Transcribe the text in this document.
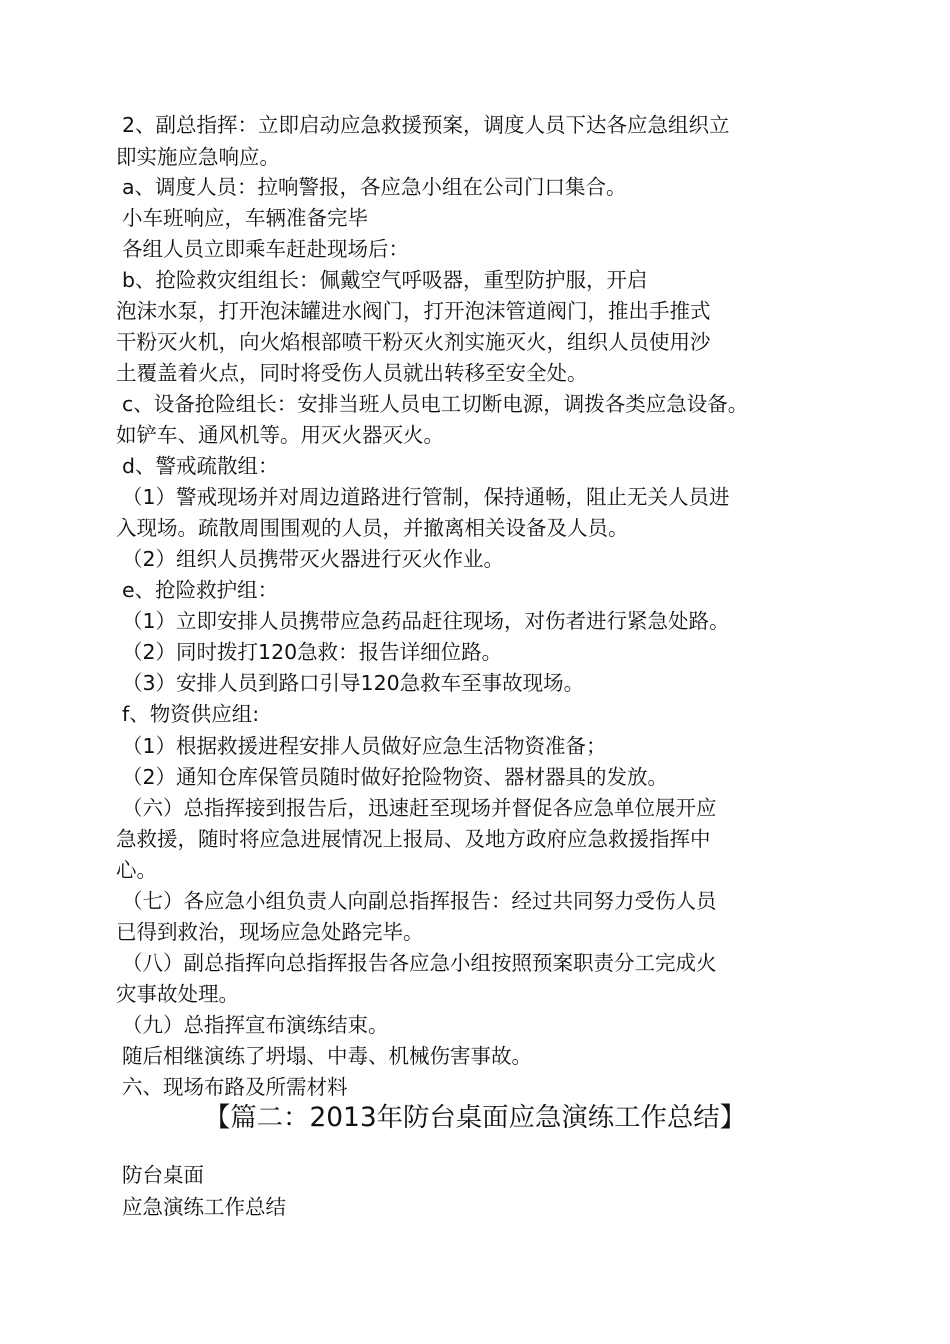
2、副总指挥：立即启动应急救援预案，调度人员下达各应急组织立
即实施应急响应。
a、调度人员：拉响警报，各应急小组在公司门口集合。
小车班响应，车辆准备完毕
各组人员立即乘车赶赴现场后：
b、抢险救灾组组长：佩戴空气呼吸器，重型防护服，开启
泡沫水泵，打开泡沫罐进水阀门，打开泡沫管道阀门，推出手推式
干粉灭火机，向火焰根部喷干粉灭火剂实施灭火，组织人员使用沙
土覆盖着火点，同时将受伤人员就出转移至安全处。
c、设备抢险组长：安排当班人员电工切断电源，调拨各类应急设备。
如铲车、通风机等。用灭火器灭火。
d、警戒疏散组：
（1）警戒现场并对周边道路进行管制，保持通畅，阻止无关人员进
入现场。疏散周围围观的人员，并撤离相关设备及人员。
（2）组织人员携带灭火器进行灭火作业。
e、抢险救护组：
（1）立即安排人员携带应急药品赶往现场，对伤者进行紧急处路。
（2）同时拨打120急救：报告详细位路。
（3）安排人员到路口引导120急救车至事故现场。
f、物资供应组:
（1）根据救援进程安排人员做好应急生活物资准备；
（2）通知仓库保管员随时做好抢险物资、器材器具的发放。
（六）总指挥接到报告后，迅速赶至现场并督促各应急单位展开应
急救援，随时将应急进展情况上报局、及地方政府应急救援指挥中
心。
（七）各应急小组负责人向副总指挥报告：经过共同努力受伤人员
已得到救治，现场应急处路完毕。
（八）副总指挥向总指挥报告各应急小组按照预案职责分工完成火
灾事故处理。
（九）总指挥宣布演练结束。
随后相继演练了坍塌、中毒、机械伤害事故。
六、现场布路及所需材料
【篇二：2013年防台桌面应急演练工作总结】
防台桌面
应急演练工作总结
